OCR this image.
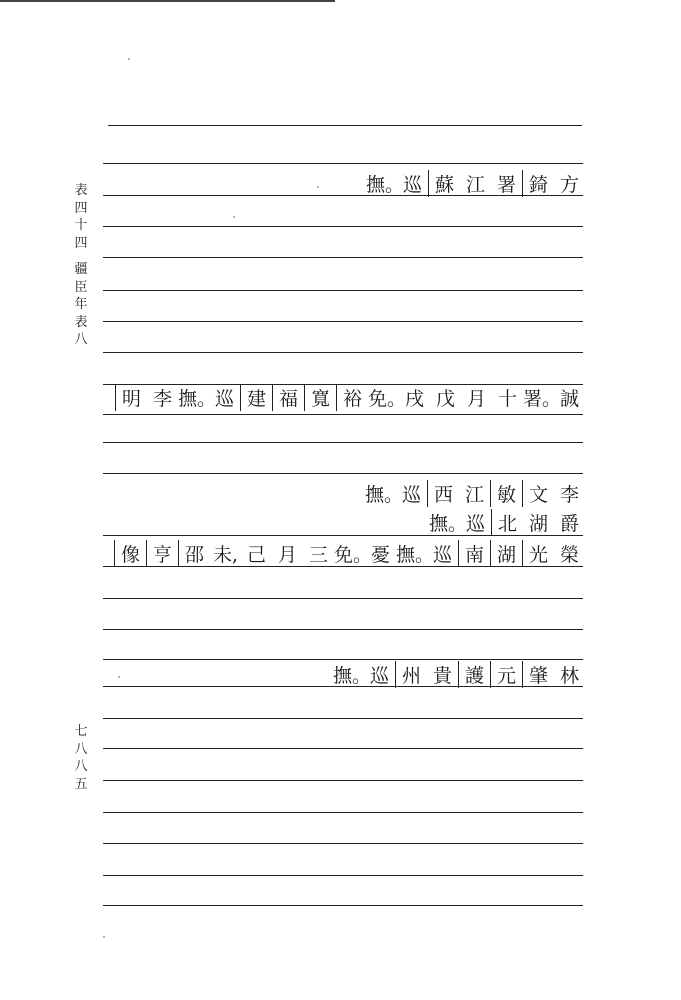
表
四
十
四
疆
臣
年
表
八
七
八
八
五
方
錡
署
江
蘇
巡
撫。
誠
署。
十
月
戊
戌
免。
裕
寬
福
建
巡
撫。
李
明
李
文
敏
江
西
巡
撫。
爵
湖
北
巡
撫。
榮
光
湖
南
巡
撫。
憂
免。
三
月
己
未,
邵
亨
像
林
肇
元
護
貴
州
巡
撫。
